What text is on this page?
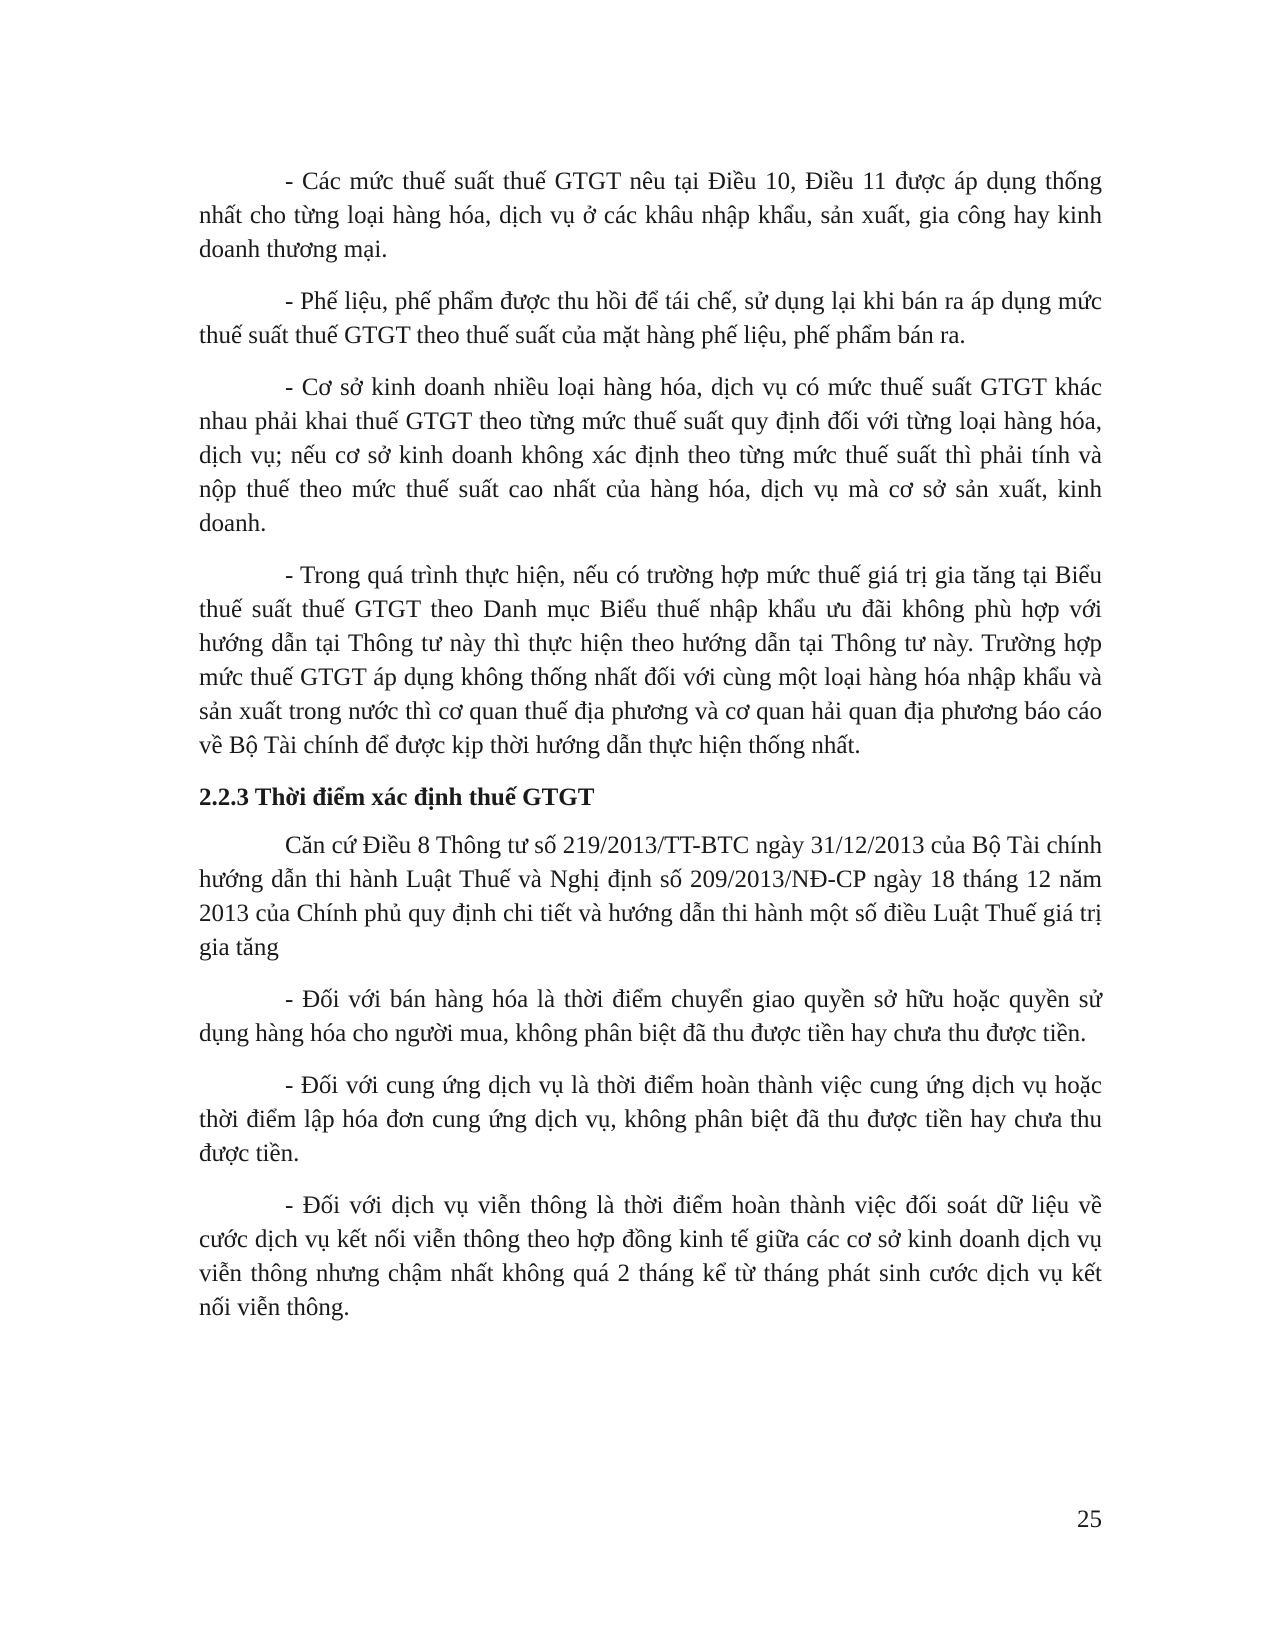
- Các mức thuế suất thuế GTGT nêu tại Điều 10, Điều 11 được áp dụng thống nhất cho từng loại hàng hóa, dịch vụ ở các khâu nhập khẩu, sản xuất, gia công hay kinh doanh thương mại.

- Phế liệu, phế phẩm được thu hồi để tái chế, sử dụng lại khi bán ra áp dụng mức thuế suất thuế GTGT theo thuế suất của mặt hàng phế liệu, phế phẩm bán ra.

- Cơ sở kinh doanh nhiều loại hàng hóa, dịch vụ có mức thuế suất GTGT khác nhau phải khai thuế GTGT theo từng mức thuế suất quy định đối với từng loại hàng hóa, dịch vụ; nếu cơ sở kinh doanh không xác định theo từng mức thuế suất thì phải tính và nộp thuế theo mức thuế suất cao nhất của hàng hóa, dịch vụ mà cơ sở sản xuất, kinh doanh.

- Trong quá trình thực hiện, nếu có trường hợp mức thuế giá trị gia tăng tại Biểu thuế suất thuế GTGT theo Danh mục Biểu thuế nhập khẩu ưu đãi không phù hợp với hướng dẫn tại Thông tư này thì thực hiện theo hướng dẫn tại Thông tư này. Trường hợp mức thuế GTGT áp dụng không thống nhất đối với cùng một loại hàng hóa nhập khẩu và sản xuất trong nước thì cơ quan thuế địa phương và cơ quan hải quan địa phương báo cáo về Bộ Tài chính để được kịp thời hướng dẫn thực hiện thống nhất.

2.2.3 Thời điểm xác định thuế GTGT

Căn cứ Điều 8 Thông tư số 219/2013/TT-BTC ngày 31/12/2013 của Bộ Tài chính hướng dẫn thi hành Luật Thuế và Nghị định số 209/2013/NĐ-CP ngày 18 tháng 12 năm 2013 của Chính phủ quy định chi tiết và hướng dẫn thi hành một số điều Luật Thuế giá trị gia tăng

- Đối với bán hàng hóa là thời điểm chuyển giao quyền sở hữu hoặc quyền sử dụng hàng hóa cho người mua, không phân biệt đã thu được tiền hay chưa thu được tiền.

- Đối với cung ứng dịch vụ là thời điểm hoàn thành việc cung ứng dịch vụ hoặc thời điểm lập hóa đơn cung ứng dịch vụ, không phân biệt đã thu được tiền hay chưa thu được tiền.

- Đối với dịch vụ viễn thông là thời điểm hoàn thành việc đối soát dữ liệu về cước dịch vụ kết nối viễn thông theo hợp đồng kinh tế giữa các cơ sở kinh doanh dịch vụ viễn thông nhưng chậm nhất không quá 2 tháng kể từ tháng phát sinh cước dịch vụ kết nối viễn thông.

25
